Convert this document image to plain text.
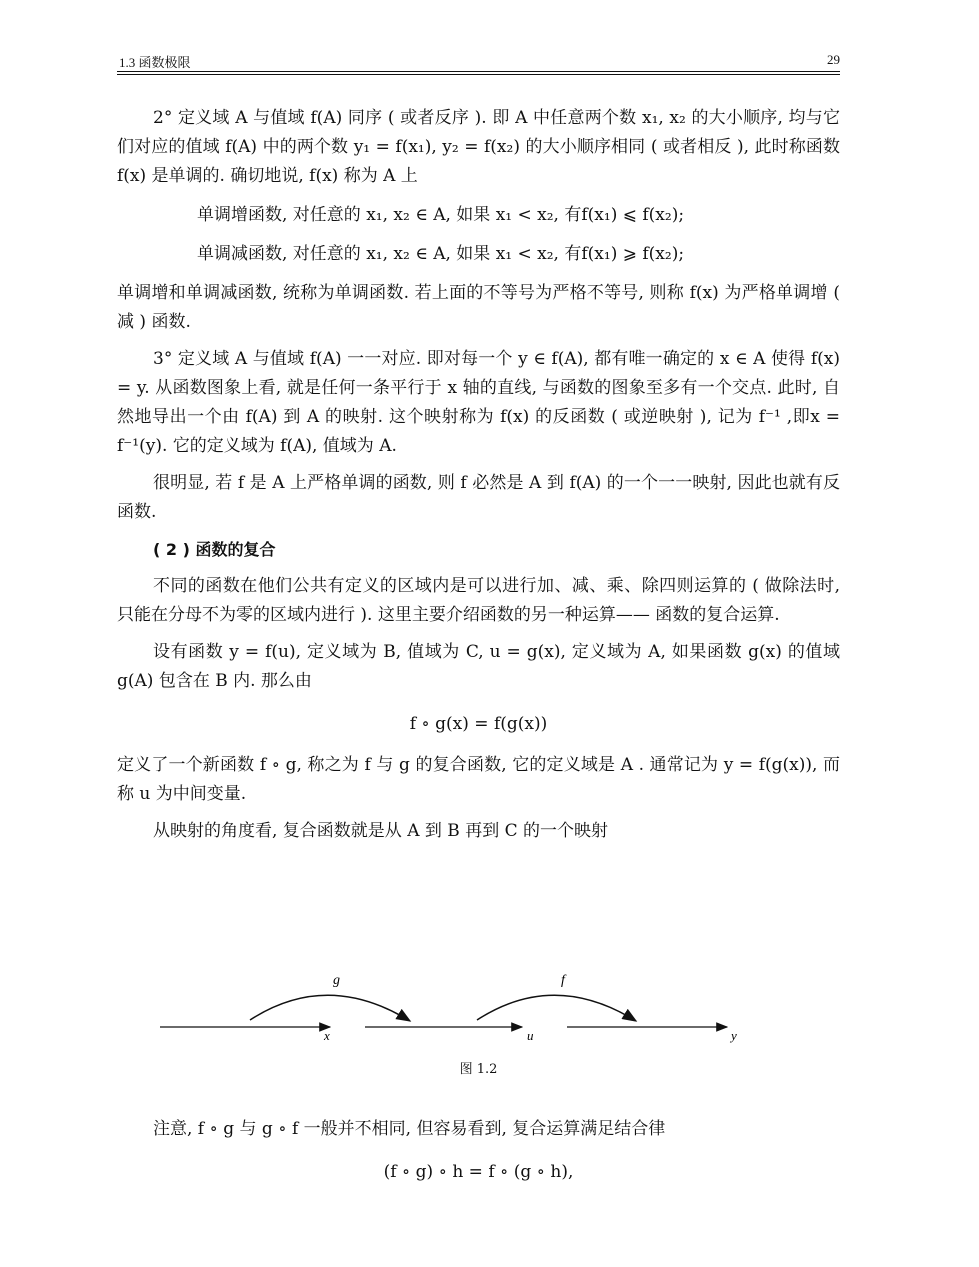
1.3 函数极限	29

2° 定义域 A 与值域 f(A) 同序 ( 或者反序 ). 即 A 中任意两个数 x₁, x₂ 的大小顺序, 均与它们对应的值域 f(A) 中的两个数 y₁ = f(x₁), y₂ = f(x₂) 的大小顺序相同 ( 或者相反 ), 此时称函数 f(x) 是单调的. 确切地说, f(x) 称为 A 上

单调增函数, 对任意的 x₁, x₂ ∈ A, 如果 x₁ < x₂, 有f(x₁) ⩽ f(x₂);

单调减函数, 对任意的 x₁, x₂ ∈ A, 如果 x₁ < x₂, 有f(x₁) ⩾ f(x₂);

单调增和单调减函数, 统称为单调函数. 若上面的不等号为严格不等号, 则称 f(x) 为严格单调增 ( 减 ) 函数.

3° 定义域 A 与值域 f(A) 一一对应. 即对每一个 y ∈ f(A), 都有唯一确定的 x ∈ A 使得 f(x) = y. 从函数图象上看, 就是任何一条平行于 x 轴的直线, 与函数的图象至多有一个交点. 此时, 自然地导出一个由 f(A) 到 A 的映射. 这个映射称为 f(x) 的反函数 ( 或逆映射 ), 记为 f⁻¹ ,即x = f⁻¹(y). 它的定义域为 f(A), 值域为 A.

很明显, 若 f 是 A 上严格单调的函数, 则 f 必然是 A 到 f(A) 的一个一一映射, 因此也就有反函数.

( 2 ) 函数的复合

不同的函数在他们公共有定义的区域内是可以进行加、减、乘、除四则运算的 ( 做除法时, 只能在分母不为零的区域内进行 ). 这里主要介绍函数的另一种运算—— 函数的复合运算.

设有函数 y = f(u), 定义域为 B, 值域为 C, u = g(x), 定义域为 A, 如果函数 g(x) 的值域 g(A) 包含在 B 内. 那么由

f ∘ g(x) = f(g(x))

定义了一个新函数 f ∘ g, 称之为 f 与 g 的复合函数, 它的定义域是 A . 通常记为 y = f(g(x)), 而称 u 为中间变量.

从映射的角度看, 复合函数就是从 A 到 B 再到 C 的一个映射

g	f
x	u	y
图 1.2

注意, f ∘ g 与 g ∘ f 一般并不相同, 但容易看到, 复合运算满足结合律

(f ∘ g) ∘ h = f ∘ (g ∘ h),
